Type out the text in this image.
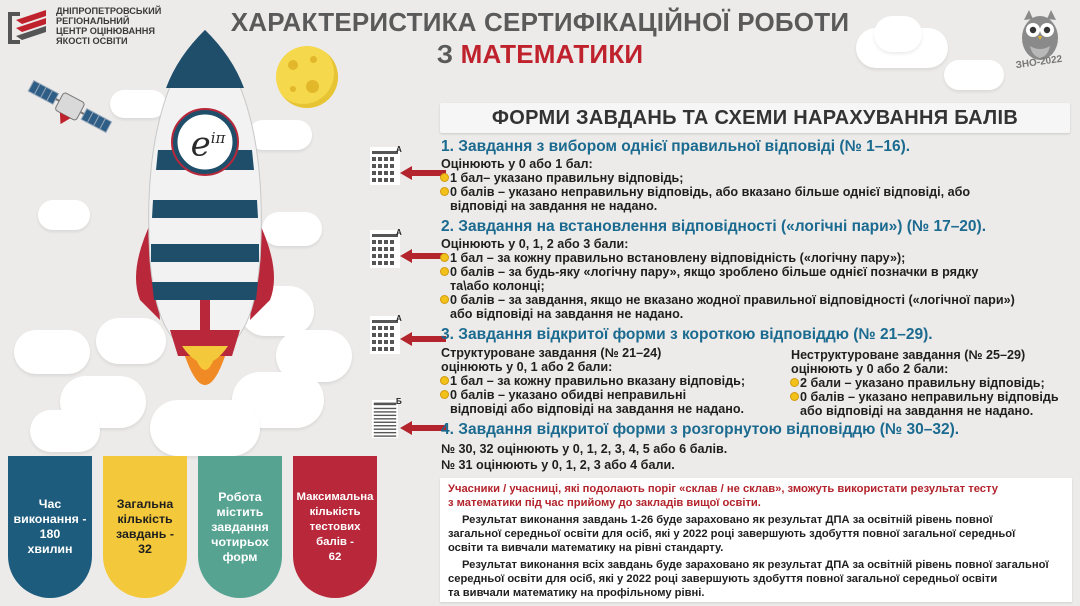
ДНІПРОПЕТРОВСЬКИЙ
РЕГІОНАЛЬНИЙ
ЦЕНТР ОЦІНЮВАННЯ
ЯКОСТІ ОСВІТИ
ХАРАКТЕРИСТИКА СЕРТИФІКАЦІЙНОЇ РОБОТИ
З МАТЕМАТИКИ	ЗНО-2022
$e^{i\pi}$
ФОРМИ ЗАВДАНЬ ТА СХЕМИ НАРАХУВАННЯ БАЛІВ
А
А
А
Б
1. Завдання з вибором однієї правильної відповіді (№ 1–16).
Оцінюють у 0 або 1 бал:
1 бал– указано правильну відповідь;
0 балів – указано неправильну відповідь, або вказано більше однієї відповіді, або
відповіді на завдання не надано.
2. Завдання на встановлення відповідності («логічні пари») (№ 17–20).
Оцінюють у 0, 1, 2 або 3 бали:
1 бал – за кожну правильно встановлену відповідність («логічну пару»);
0 балів – за будь-яку «логічну пару», якщо зроблено більше однієї позначки в рядку
та\або колонці;
0 балів – за завдання, якщо не вказано жодної правильної відповідності («логічної пари»)
або відповіді на завдання не надано.
3. Завдання відкритої форми з короткою відповіддю (№ 21–29).
Структуроване завдання (№ 21–24)
оцінюють у 0, 1 або 2 бали:
1 бал – за кожну правильно вказану відповідь;
0 балів – указано обидві неправильні
відповіді або відповіді на завдання не надано.
Неструктуроване завдання (№ 25–29)
оцінюють у 0 або 2 бали:
2 бали – указано правильну відповідь;
0 балів – указано неправильну відповідь
або відповіді на завдання не надано.
4. Завдання відкритої форми з розгорнутою відповіддю (№ 30–32).
№ 30, 32 оцінюють у 0, 1, 2, 3, 4, 5 або 6 балів.
№ 31 оцінюють у 0, 1, 2, 3 або 4 бали.
Учасники / учасниці, які подолають поріг «склав / не склав», зможуть використати результат тесту
з математики під час прийому до закладів вищої освіти.
Результат виконання завдань 1-26 буде зараховано як результат ДПА за освітній рівень повної
загальної середньої освіти для осіб, які у 2022 році завершують здобуття повної загальної середньої
освіти та вивчали математику на рівні стандарту.
Результат виконання всіх завдань буде зараховано як результат ДПА за освітній рівень повної загальної
середньої освіти для осіб, які у 2022 році завершують здобуття повної загальної середньої освіти
та вивчали математику на профільному рівні.
Час
виконання -
180
хвилин
Загальна
кількість
завдань -
32
Робота
містить
завдання
чотирьох
форм
Максимальна
кількість
тестових
балів -
62
